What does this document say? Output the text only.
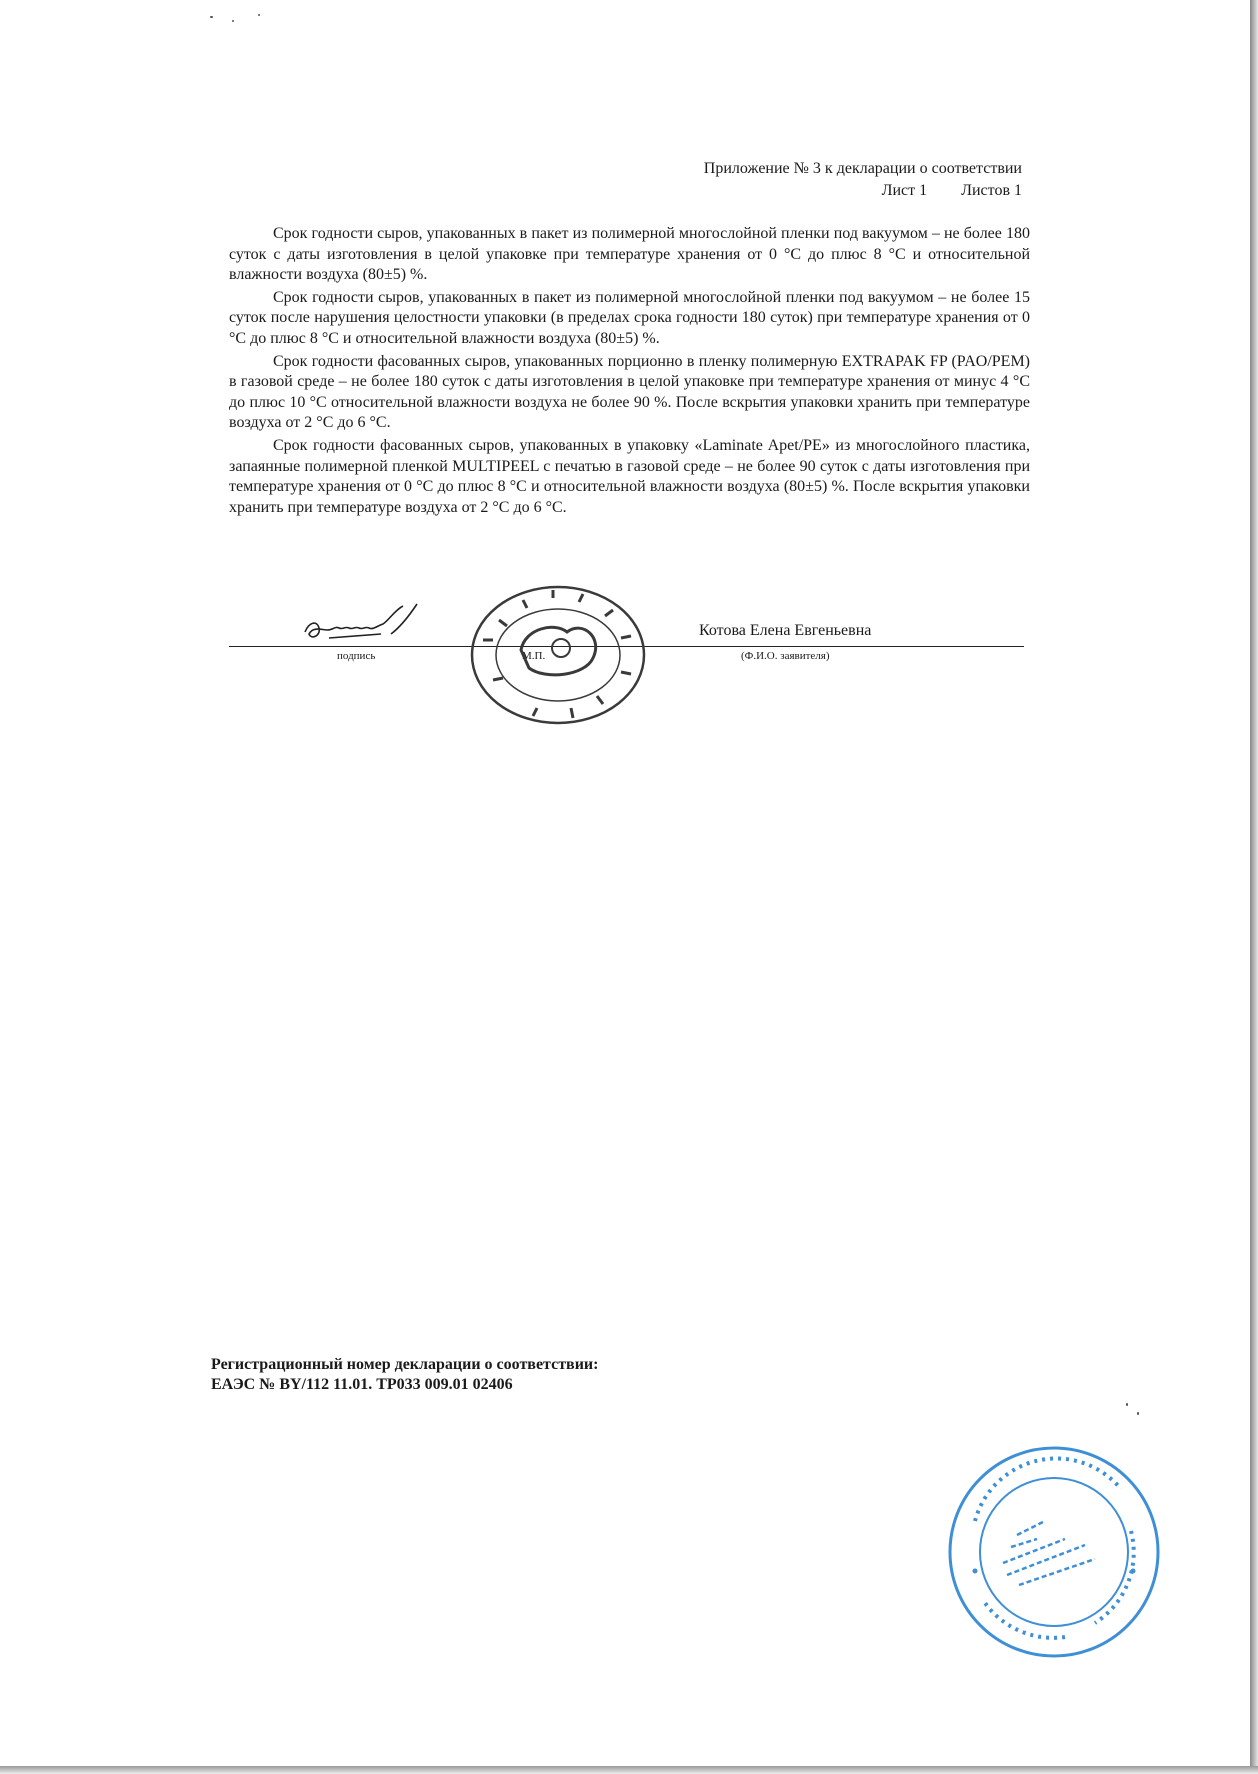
Приложение № 3 к декларации о соответствии
Лист 1 Листов 1

Срок годности сыров, упакованных в пакет из полимерной многослойной пленки под вакуумом – не более 180 суток с даты изготовления в целой упаковке при температуре хранения от 0 °С до плюс 8 °С и относительной влажности воздуха (80±5) %.

Срок годности сыров, упакованных в пакет из полимерной многослойной пленки под вакуумом – не более 15 суток после нарушения целостности упаковки (в пределах срока годности 180 суток) при температуре хранения от 0 °С до плюс 8 °С и относительной влажности воздуха (80±5) %.

Срок годности фасованных сыров, упакованных порционно в пленку полимерную EXTRAPAK FP (PAO/PEM) в газовой среде – не более 180 суток с даты изготовления в целой упаковке при температуре хранения от минус 4 °С до плюс 10 °С относительной влажности воздуха не более 90 %. После вскрытия упаковки хранить при температуре воздуха от 2 °С до 6 °С.

Срок годности фасованных сыров, упакованных в упаковку «Laminate Apet/PE» из многослойного пластика, запаянные полимерной пленкой MULTIPEEL с печатью в газовой среде – не более 90 суток с даты изготовления при температуре хранения от 0 °С до плюс 8 °С и относительной влажности воздуха (80±5) %. После вскрытия упаковки хранить при температуре воздуха от 2 °С до 6 °С.

подпись	М.П.
Котова Елена Евгеньевна
(Ф.И.О. заявителя)
Регистрационный номер декларации о соответствии:
ЕАЭС № BY/112 11.01. ТР033 009.01 02406
